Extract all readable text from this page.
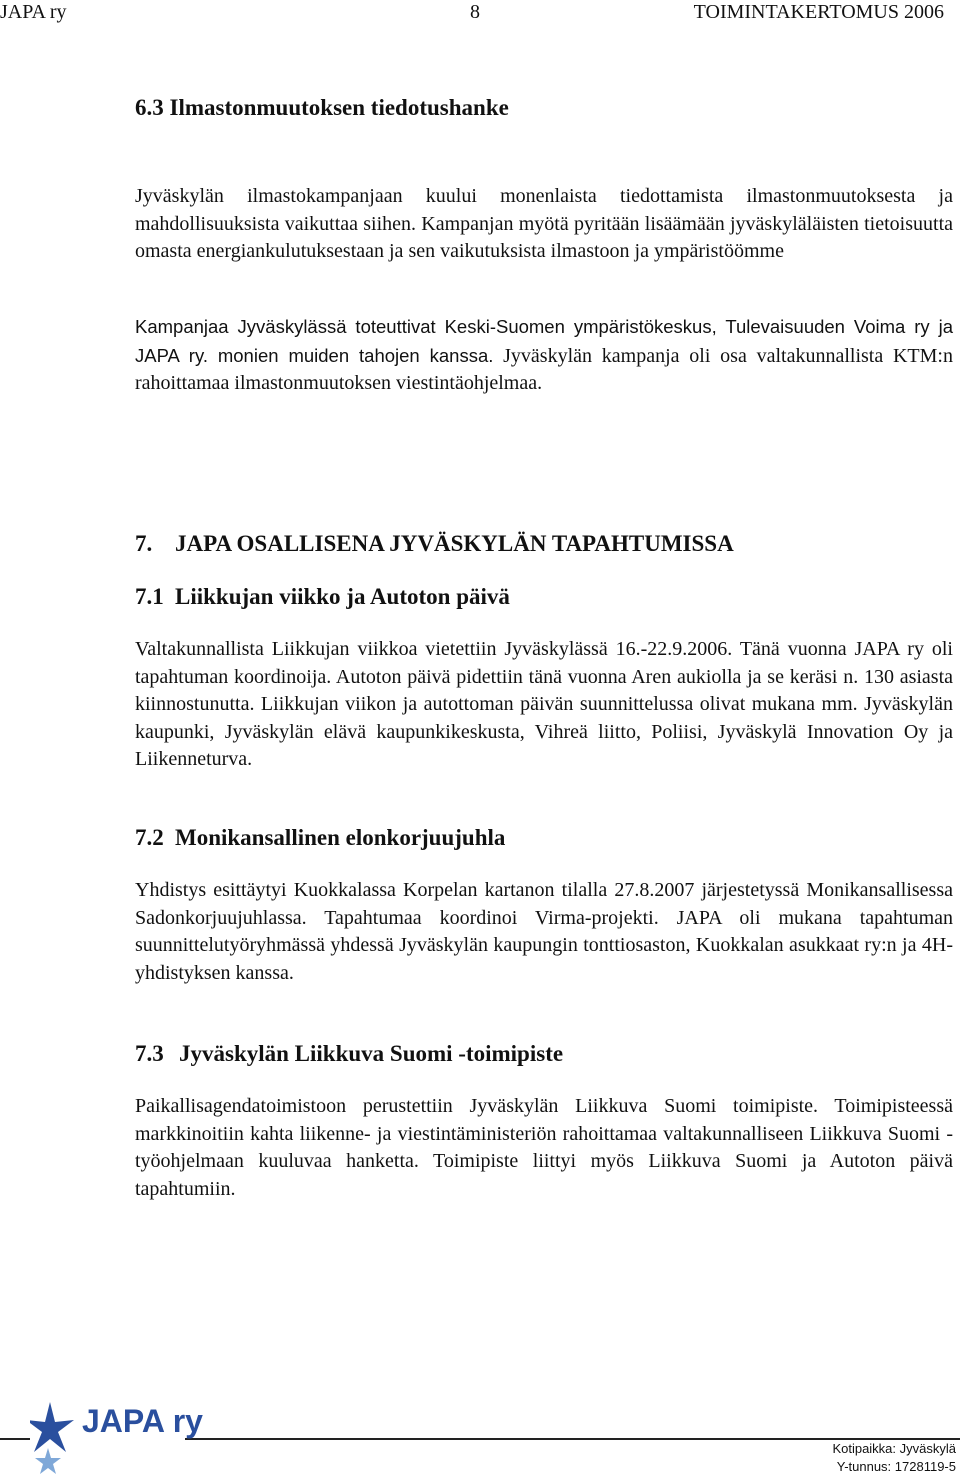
JAPA ry	8	TOIMINTAKERTOMUS 2006
6.3 Ilmastonmuutoksen tiedotushanke
Jyväskylän ilmastokampanjaan kuului monenlaista tiedottamista ilmastonmuutoksesta ja mahdollisuuksista vaikuttaa siihen. Kampanjan myötä pyritään lisäämään jyväskyläläisten tietoisuutta omasta energiankulutuksestaan ja sen vaikutuksista ilmastoon ja ympäristöömme
Kampanjaa Jyväskylässä toteuttivat Keski-Suomen ympäristökeskus, Tulevaisuuden Voima ry ja JAPA ry. monien muiden tahojen kanssa. Jyväskylän kampanja oli osa valtakunnallista KTM:n rahoittamaa ilmastonmuutoksen viestintäohjelmaa.
7. JAPA OSALLISENA JYVÄSKYLÄN TAPAHTUMISSA
7.1 Liikkujan viikko ja Autoton päivä
Valtakunnallista Liikkujan viikkoa vietettiin Jyväskylässä 16.-22.9.2006. Tänä vuonna JAPA ry oli tapahtuman koordinoija. Autoton päivä pidettiin tänä vuonna Aren aukiolla ja se keräsi n. 130 asiasta kiinnostunutta. Liikkujan viikon ja autottoman päivän suunnittelussa olivat mukana mm. Jyväskylän kaupunki, Jyväskylän elävä kaupunkikeskusta, Vihreä liitto, Poliisi, Jyväskylä Innovation Oy ja Liikenneturva.
7.2 Monikansallinen elonkorjuujuhla
Yhdistys esittäytyi Kuokkalassa Korpelan kartanon tilalla 27.8.2007 järjestetyssä Monikansallisessa Sadonkorjuujuhlassa. Tapahtumaa koordinoi Virma-projekti. JAPA oli mukana tapahtuman suunnittelutyöryhmässä yhdessä Jyväskylän kaupungin tonttiosaston, Kuokkalan asukkaat ry:n ja 4H-yhdistyksen kanssa.
7.3 Jyväskylän Liikkuva Suomi -toimipiste
Paikallisagendatoimistoon perustettiin Jyväskylän Liikkuva Suomi toimipiste. Toimipisteessä markkinoitiin kahta liikenne- ja viestintäministeriön rahoittamaa valtakunnalliseen Liikkuva Suomi -työohjelmaan kuuluvaa hanketta. Toimipiste liittyi myös Liikkuva Suomi ja Autoton päivä tapahtumiin.
JAPA ry
Kotipaikka: Jyväskylä
Y-tunnus: 1728119-5
